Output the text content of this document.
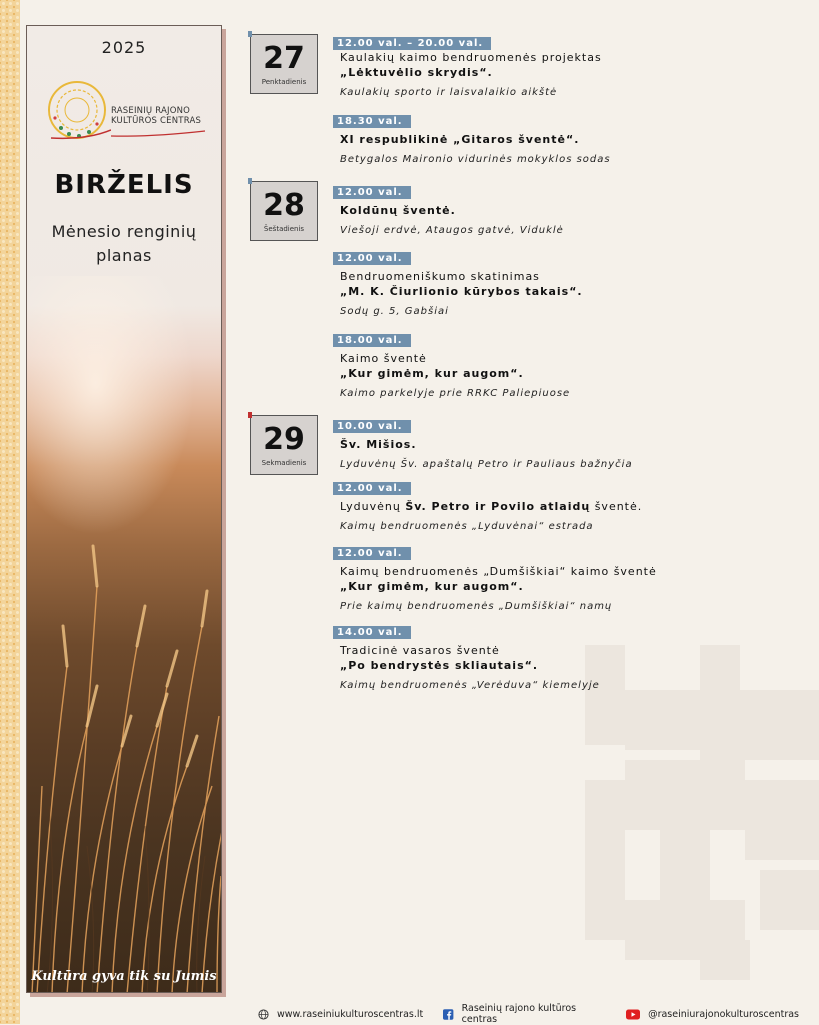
2025
RASEINIŲ RAJONO
KULTŪROS CENTRAS
BIRŽELIS
Mėnesio renginių
planas
Kultūra gyva tik su Jumis
27
Penktadienis
28
Šeštadienis
29
Sekmadienis
12.00 val. – 20.00 val.
Kaulakių kaimo bendruomenės projektas
„Lėktuvėlio skrydis“.
Kaulakių sporto ir laisvalaikio aikštė
18.30 val.
XI respublikinė „Gitaros šventė“.
Betygalos Maironio vidurinės mokyklos sodas
12.00 val.
Koldūnų šventė.
Viešoji erdvė, Ataugos gatvė, Viduklė
12.00 val.
Bendruomeniškumo skatinimas
„M. K. Čiurlionio kūrybos takais“.
Sodų g. 5, Gabšiai
18.00 val.
Kaimo šventė
„Kur gimėm, kur augom“.
Kaimo parkelyje prie RRKC Paliepiuose
10.00 val.
Šv. Mišios.
Lyduvėnų Šv. apaštalų Petro ir Pauliaus bažnyčia
12.00 val.
Lyduvėnų Šv. Petro ir Povilo atlaidų šventė.
Kaimų bendruomenės „Lyduvėnai“ estrada
12.00 val.
Kaimų bendruomenės „Dumšiškiai“ kaimo šventė
„Kur gimėm, kur augom“.
Prie kaimų bendruomenės „Dumšiškiai“ namų
14.00 val.
Tradicinė vasaros šventė
„Po bendrystės skliautais“.
Kaimų bendruomenės „Verėduva“ kiemelyje
www.raseiniukulturoscentras.lt	Raseinių rajono kultūros centras	@raseiniurajonokulturoscentras
